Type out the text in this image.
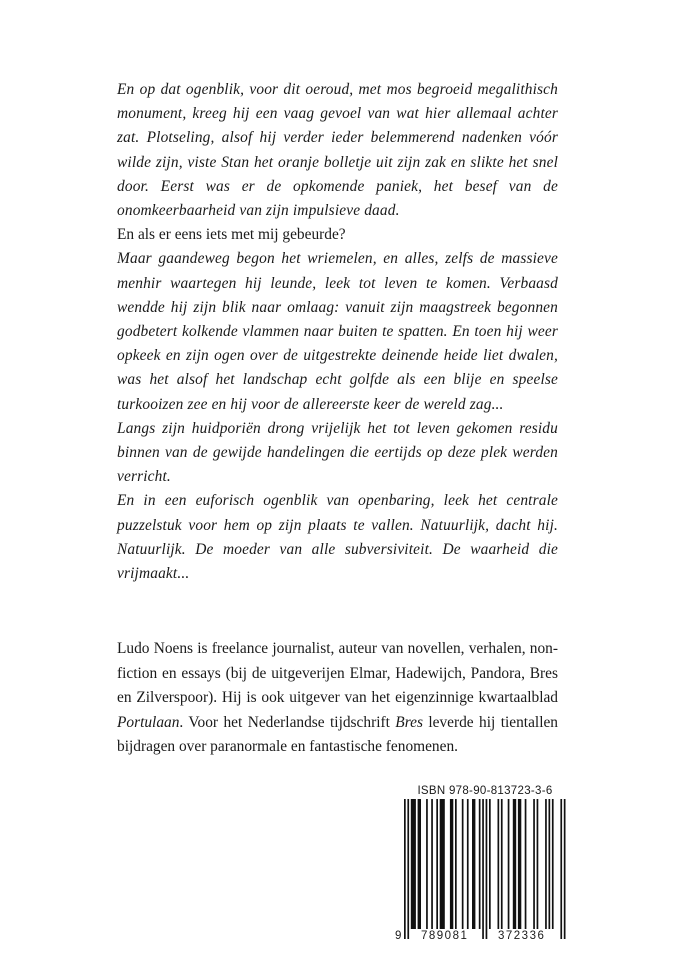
En op dat ogenblik, voor dit oeroud, met mos begroeid megalithisch monument, kreeg hij een vaag gevoel van wat hier allemaal achter zat. Plotseling, alsof hij verder ieder belemmerend nadenken vóór wilde zijn, viste Stan het oranje bolletje uit zijn zak en slikte het snel door. Eerst was er de opkomende paniek, het besef van de onomkeerbaarheid van zijn impulsieve daad.

En als er eens iets met mij gebeurde?

Maar gaandeweg begon het wriemelen, en alles, zelfs de massieve menhir waartegen hij leunde, leek tot leven te komen. Verbaasd wendde hij zijn blik naar omlaag: vanuit zijn maagstreek begonnen godbetert kolkende vlammen naar buiten te spatten. En toen hij weer opkeek en zijn ogen over de uitgestrekte deinende heide liet dwalen, was het alsof het landschap echt golfde als een blije en speelse turkooizen zee en hij voor de allereerste keer de wereld zag...

Langs zijn huidporiën drong vrijelijk het tot leven gekomen residu binnen van de gewijde handelingen die eertijds op deze plek werden verricht.

En in een euforisch ogenblik van openbaring, leek het centrale puzzelstuk voor hem op zijn plaats te vallen. Natuurlijk, dacht hij. Natuurlijk. De moeder van alle subversiviteit. De waarheid die vrijmaakt...

Ludo Noens is freelance journalist, auteur van novellen, verhalen, non-fiction en essays (bij de uitgeverijen Elmar, Hadewijch, Pandora, Bres en Zilverspoor). Hij is ook uitgever van het eigenzinnige kwartaalblad Portulaan. Voor het Nederlandse tijdschrift Bres leverde hij tientallen bijdragen over paranormale en fantastische fenomenen.

ISBN 978-90-813723-3-6
9 789081	372336
